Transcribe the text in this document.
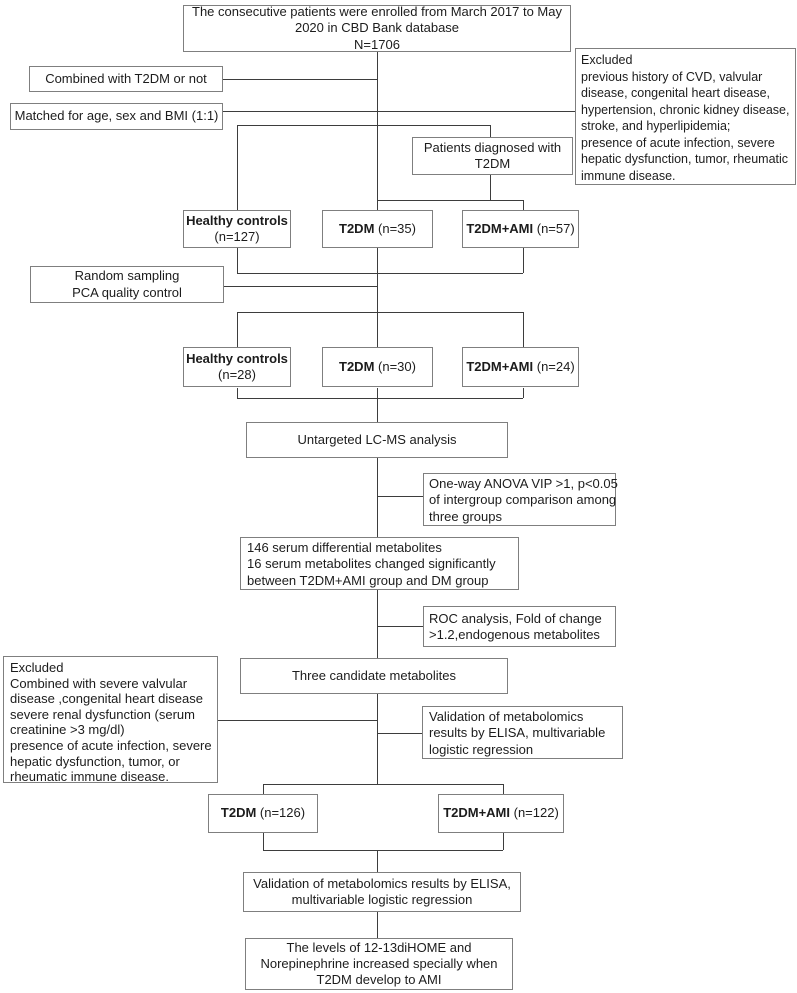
The consecutive patients were enrolled from March 2017 to May
2020 in CBD Bank database
N=1706
Combined with T2DM or not
Matched for age, sex and BMI (1:1)
Excluded
previous history of CVD, valvular
disease, congenital heart disease,
hypertension, chronic kidney disease,
stroke, and hyperlipidemia;
presence of acute infection, severe
hepatic dysfunction, tumor, rheumatic
immune disease.
Patients diagnosed with
T2DM
Healthy controls
(n=127)
T2DM (n=35)	T2DM+AMI (n=57)
Random sampling
PCA quality control
Healthy controls
(n=28)
T2DM (n=30)	T2DM+AMI (n=24)
Untargeted LC-MS analysis
One-way ANOVA VIP >1, p<0.05
of intergroup comparison among
three groups
146 serum differential metabolites
16 serum metabolites changed significantly
between T2DM+AMI group and DM group
ROC analysis, Fold of change
>1.2,endogenous metabolites
Excluded
Combined with severe valvular
disease ,congenital heart disease
severe renal dysfunction (serum
creatinine >3 mg/dl)
presence of acute infection, severe
hepatic dysfunction, tumor, or
rheumatic immune disease.
Three candidate metabolites
Validation of metabolomics
results by ELISA, multivariable
logistic regression
T2DM (n=126)	T2DM+AMI (n=122)
Validation of metabolomics results by ELISA,
multivariable logistic regression
The levels of 12-13diHOME and
Norepinephrine increased specially when
T2DM develop to AMI
